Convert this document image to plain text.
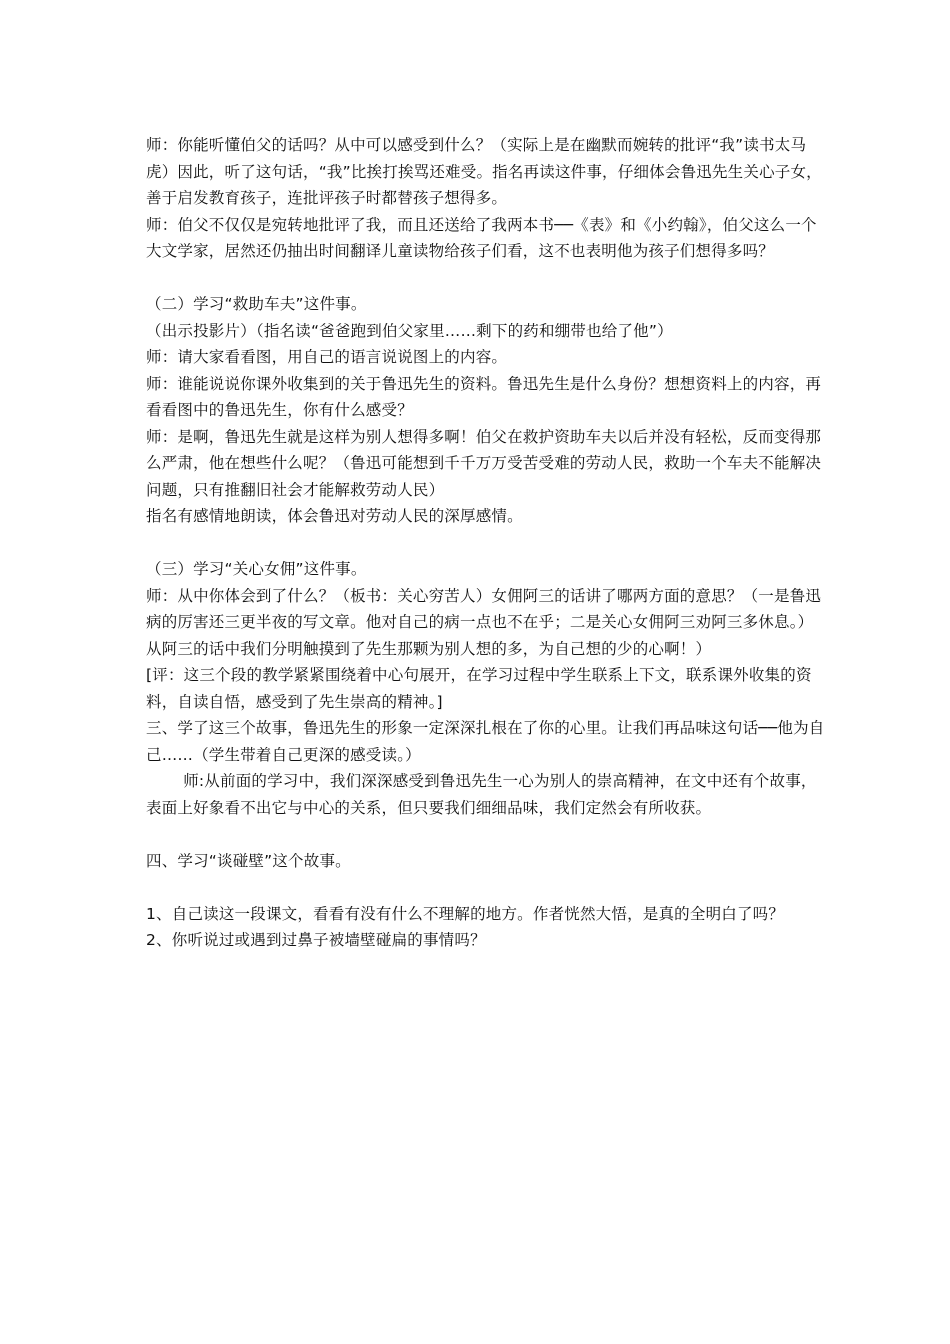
师：你能听懂伯父的话吗？从中可以感受到什么？（实际上是在幽默而婉转的批评“我”读书太马虎）因此，听了这句话，“我”比挨打挨骂还难受。指名再读这件事，仔细体会鲁迅先生关心子女，善于启发教育孩子，连批评孩子时都替孩子想得多。

师：伯父不仅仅是宛转地批评了我，而且还送给了我两本书──《表》和《小约翰》，伯父这么一个大文学家，居然还仍抽出时间翻译儿童读物给孩子们看，这不也表明他为孩子们想得多吗？

（二）学习“救助车夫”这件事。

（出示投影片）（指名读“爸爸跑到伯父家里……剩下的药和绷带也给了他”）

师：请大家看看图，用自己的语言说说图上的内容。

师：谁能说说你课外收集到的关于鲁迅先生的资料。鲁迅先生是什么身份？想想资料上的内容，再看看图中的鲁迅先生，你有什么感受？

师：是啊，鲁迅先生就是这样为别人想得多啊！伯父在救护资助车夫以后并没有轻松，反而变得那么严肃，他在想些什么呢？（鲁迅可能想到千千万万受苦受难的劳动人民，救助一个车夫不能解决问题，只有推翻旧社会才能解救劳动人民）

指名有感情地朗读，体会鲁迅对劳动人民的深厚感情。

（三）学习“关心女佣”这件事。

师：从中你体会到了什么？（板书：关心穷苦人）女佣阿三的话讲了哪两方面的意思？（一是鲁迅病的厉害还三更半夜的写文章。他对自己的病一点也不在乎；二是关心女佣阿三劝阿三多休息。）从阿三的话中我们分明触摸到了先生那颗为别人想的多，为自己想的少的心啊！）

[评：这三个段的教学紧紧围绕着中心句展开，在学习过程中学生联系上下文，联系课外收集的资料，自读自悟，感受到了先生崇高的精神。]

三、学了这三个故事，鲁迅先生的形象一定深深扎根在了你的心里。让我们再品味这句话──他为自己……（学生带着自己更深的感受读。）

师:从前面的学习中，我们深深感受到鲁迅先生一心为别人的崇高精神，在文中还有个故事，表面上好象看不出它与中心的关系，但只要我们细细品味，我们定然会有所收获。

四、学习“谈碰壁”这个故事。

1、自己读这一段课文，看看有没有什么不理解的地方。作者恍然大悟，是真的全明白了吗？

2、你听说过或遇到过鼻子被墙壁碰扁的事情吗？
